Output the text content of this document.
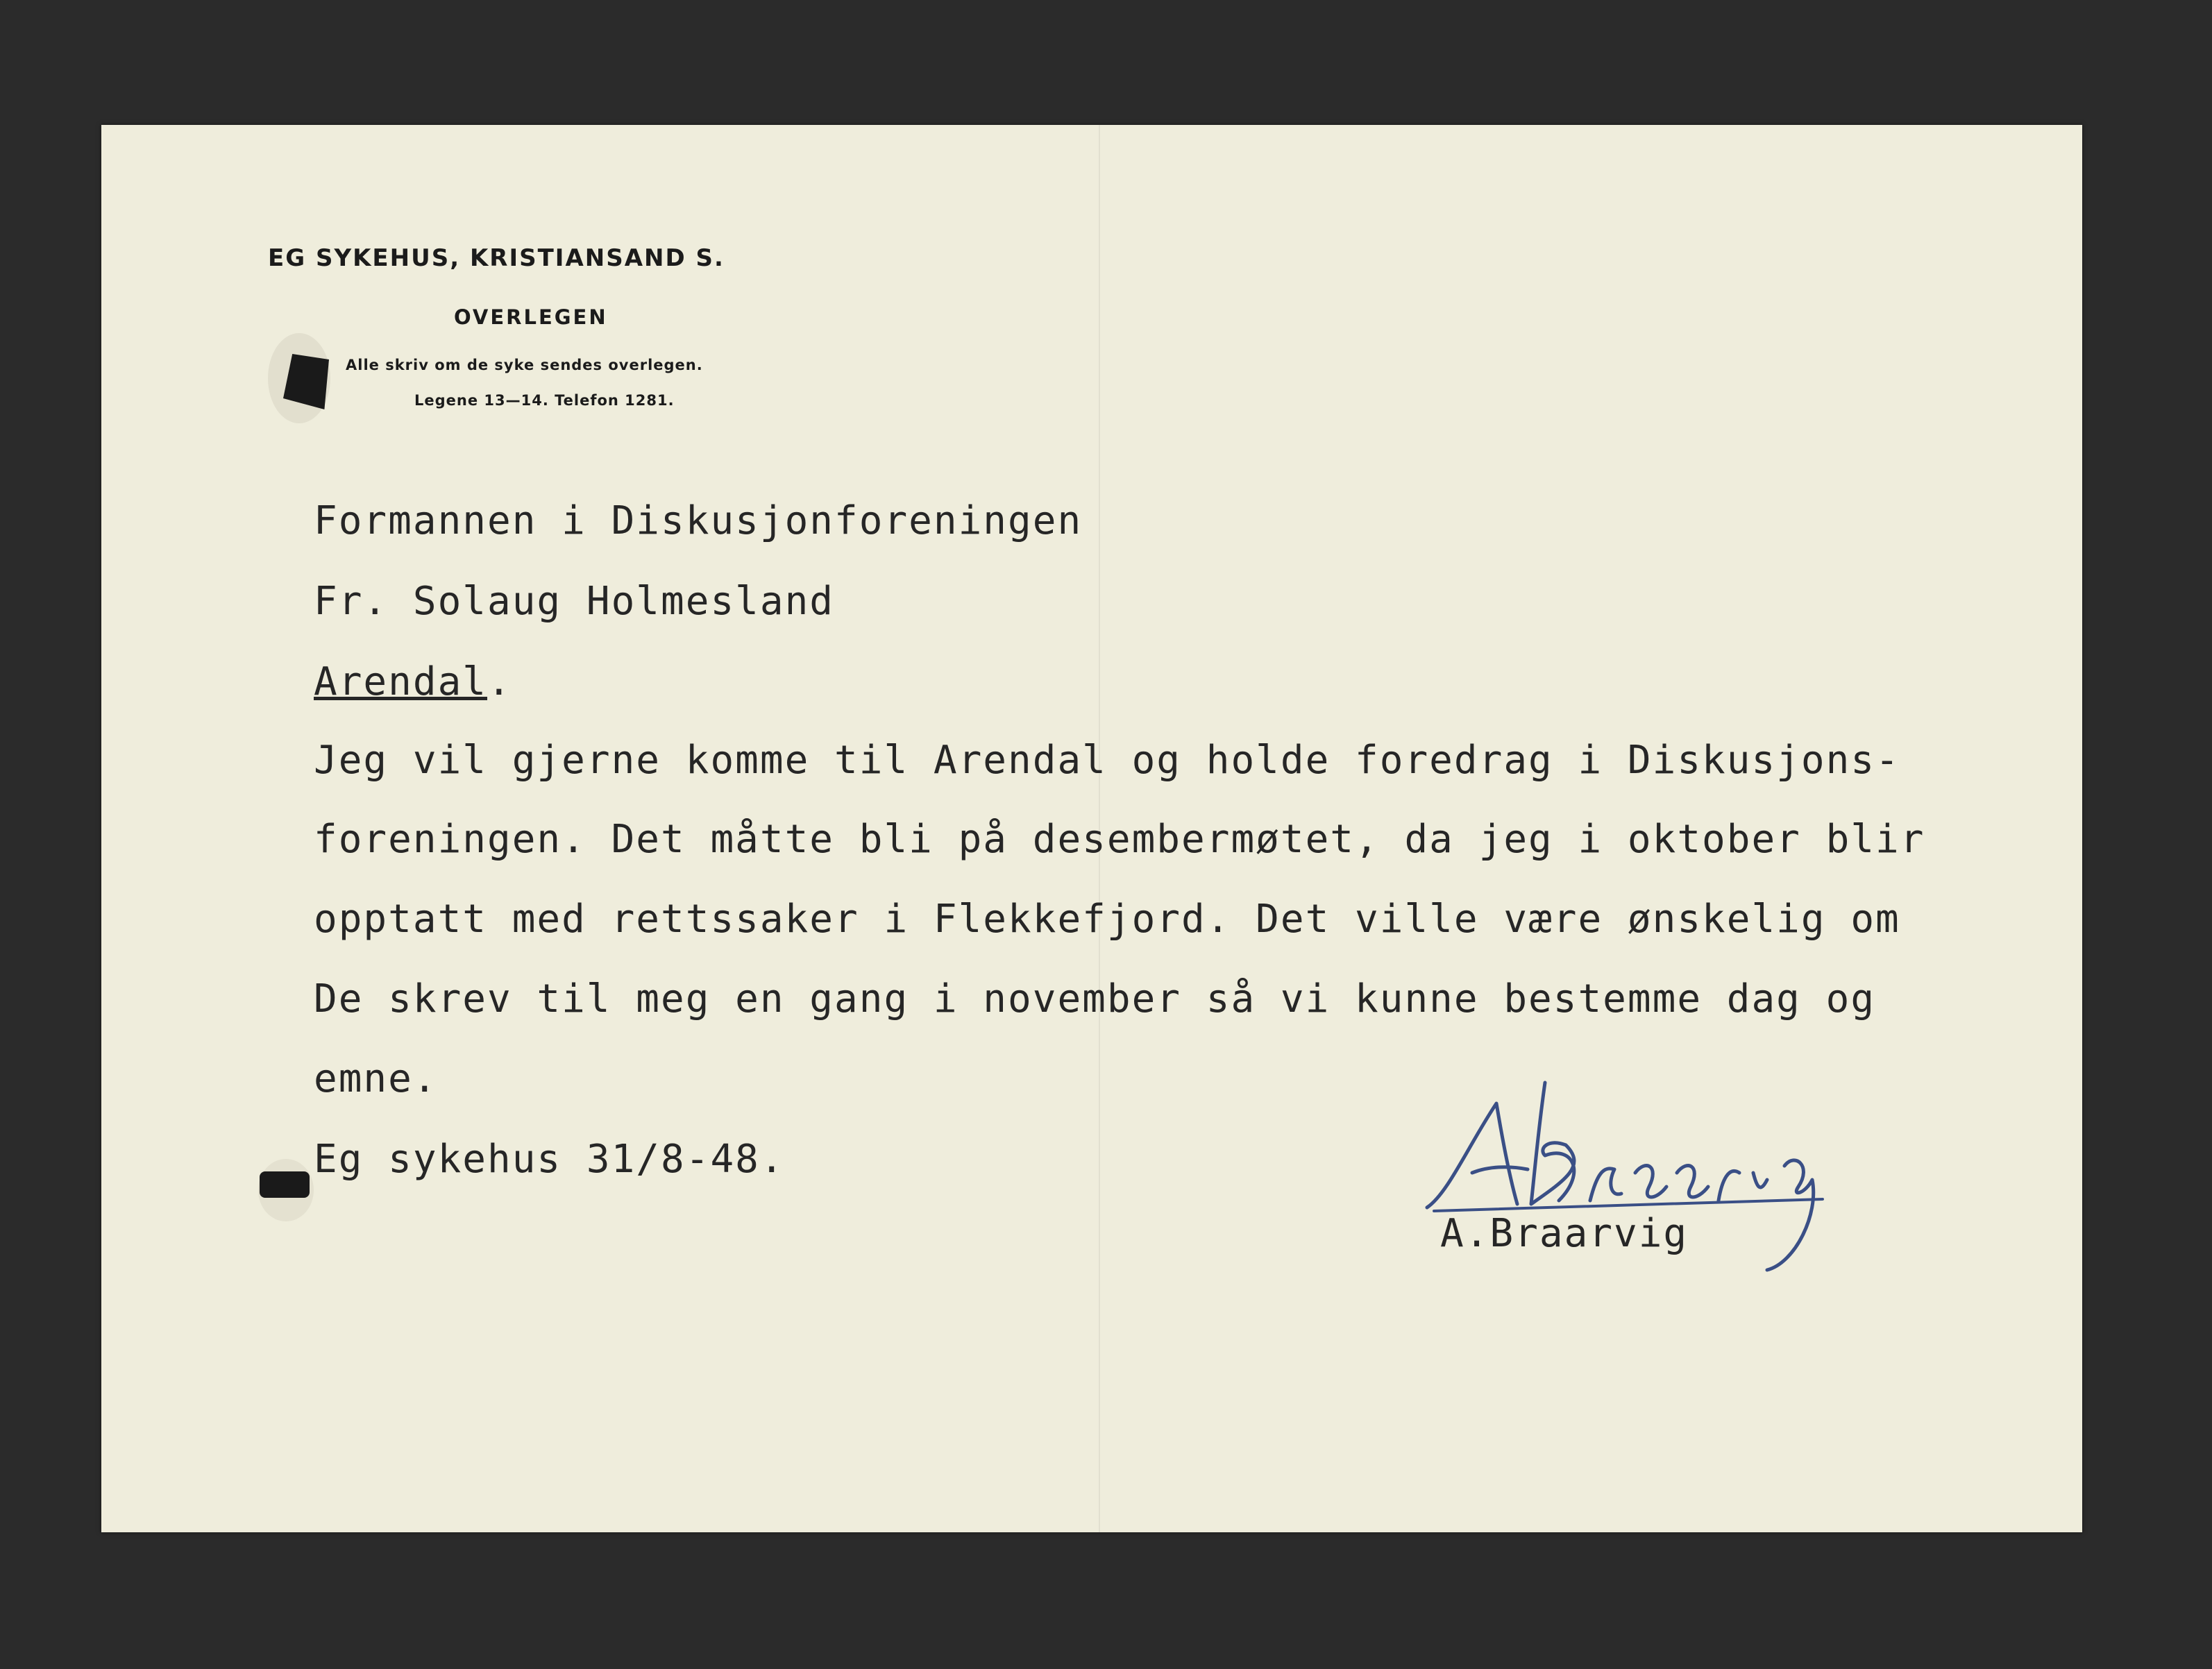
EG SYKEHUS, KRISTIANSAND S.
OVERLEGEN
Alle skriv om de syke sendes overlegen.
Legene 13—14. Telefon 1281.
Formannen i Diskusjonforeningen
Fr. Solaug Holmesland
Arendal.
Jeg vil gjerne komme til Arendal og holde foredrag i Diskusjons-
foreningen. Det måtte bli på desembermøtet, da jeg i oktober blir
opptatt med rettssaker i Flekkefjord. Det ville være ønskelig om
De skrev til meg en gang i november så vi kunne bestemme dag og
emne.
Eg sykehus 31/8-48.
A.Braarvig
